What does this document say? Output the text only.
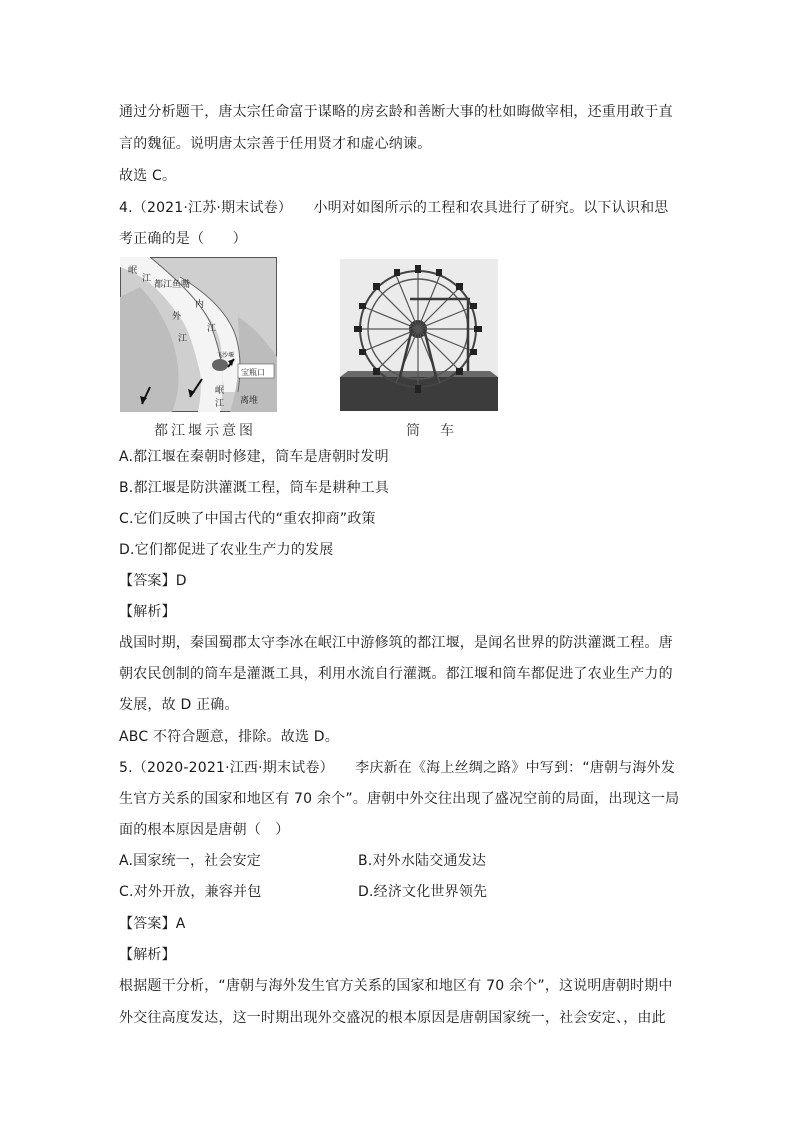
通过分析题干，唐太宗任命富于谋略的房玄龄和善断大事的杜如晦做宰相，还重用敢于直
言的魏征。说明唐太宗善于任用贤才和虚心纳谏。
故选 C。
4.（2021·江苏·期末试卷）　　小明对如图所示的工程和农具进行了研究。以下认识和思
考正确的是（　　）
岷
江
都江鱼嘴
内
江
外
江
飞沙堰
宝瓶口
岷
江 离堆
都江堰示意图	筒　车
A.都江堰在秦朝时修建，筒车是唐朝时发明
B.都江堰是防洪灌溉工程，筒车是耕种工具
C.它们反映了中国古代的“重农抑商”政策
D.它们都促进了农业生产力的发展
【答案】D
【解析】
战国时期，秦国蜀郡太守李冰在岷江中游修筑的都江堰，是闻名世界的防洪灌溉工程。唐
朝农民创制的筒车是灌溉工具，利用水流自行灌溉。都江堰和筒车都促进了农业生产力的
发展，故 D 正确。
ABC 不符合题意，排除。故选 D。
5.（2020-2021·江西·期末试卷）　　李庆新在《海上丝绸之路》中写到：“唐朝与海外发
生官方关系的国家和地区有 70 余个”。唐朝中外交往出现了盛况空前的局面，出现这一局
面的根本原因是唐朝（　）
A.国家统一，社会安定	B.对外水陆交通发达
C.对外开放，兼容并包	D.经济文化世界领先
【答案】A
【解析】
根据题干分析，“唐朝与海外发生官方关系的国家和地区有 70 余个”，这说明唐朝时期中
外交往高度发达，这一时期出现外交盛况的根本原因是唐朝国家统一，社会安定、，由此
